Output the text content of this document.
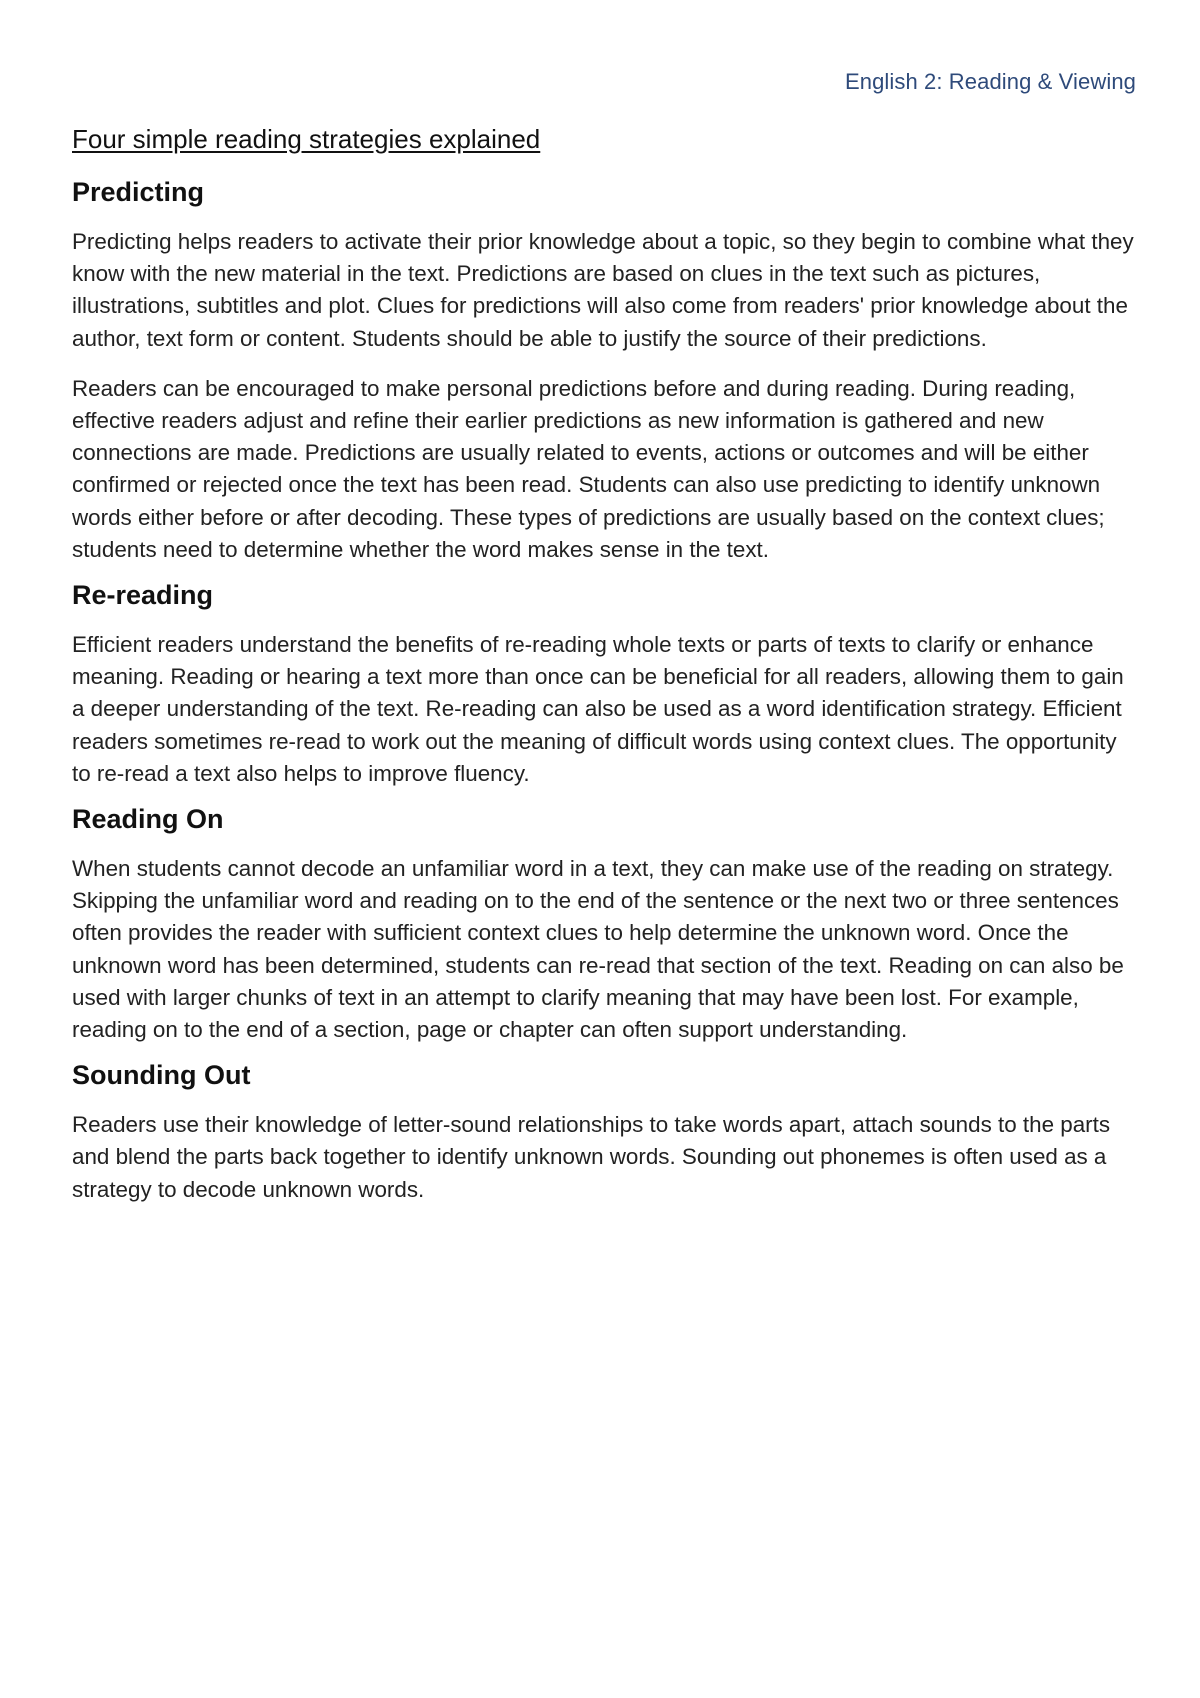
English 2: Reading & Viewing
Four simple reading strategies explained
Predicting

Predicting helps readers to activate their prior knowledge about a topic, so they begin to combine what they know with the new material in the text. Predictions are based on clues in the text such as pictures, illustrations, subtitles and plot. Clues for predictions will also come from readers' prior knowledge about the author, text form or content. Students should be able to justify the source of their predictions.

Readers can be encouraged to make personal predictions before and during reading. During reading, effective readers adjust and refine their earlier predictions as new information is gathered and new connections are made. Predictions are usually related to events, actions or outcomes and will be either confirmed or rejected once the text has been read. Students can also use predicting to identify unknown words either before or after decoding. These types of predictions are usually based on the context clues; students need to determine whether the word makes sense in the text.

Re-reading

Efficient readers understand the benefits of re-reading whole texts or parts of texts to clarify or enhance meaning. Reading or hearing a text more than once can be beneficial for all readers, allowing them to gain a deeper understanding of the text. Re-reading can also be used as a word identification strategy. Efficient readers sometimes re-read to work out the meaning of difficult words using context clues. The opportunity to re-read a text also helps to improve fluency.

Reading On

When students cannot decode an unfamiliar word in a text, they can make use of the reading on strategy. Skipping the unfamiliar word and reading on to the end of the sentence or the next two or three sentences often provides the reader with sufficient context clues to help determine the unknown word. Once the unknown word has been determined, students can re-read that section of the text. Reading on can also be used with larger chunks of text in an attempt to clarify meaning that may have been lost. For example, reading on to the end of a section, page or chapter can often support understanding.

Sounding Out

Readers use their knowledge of letter-sound relationships to take words apart, attach sounds to the parts and blend the parts back together to identify unknown words. Sounding out phonemes is often used as a strategy to decode unknown words.
